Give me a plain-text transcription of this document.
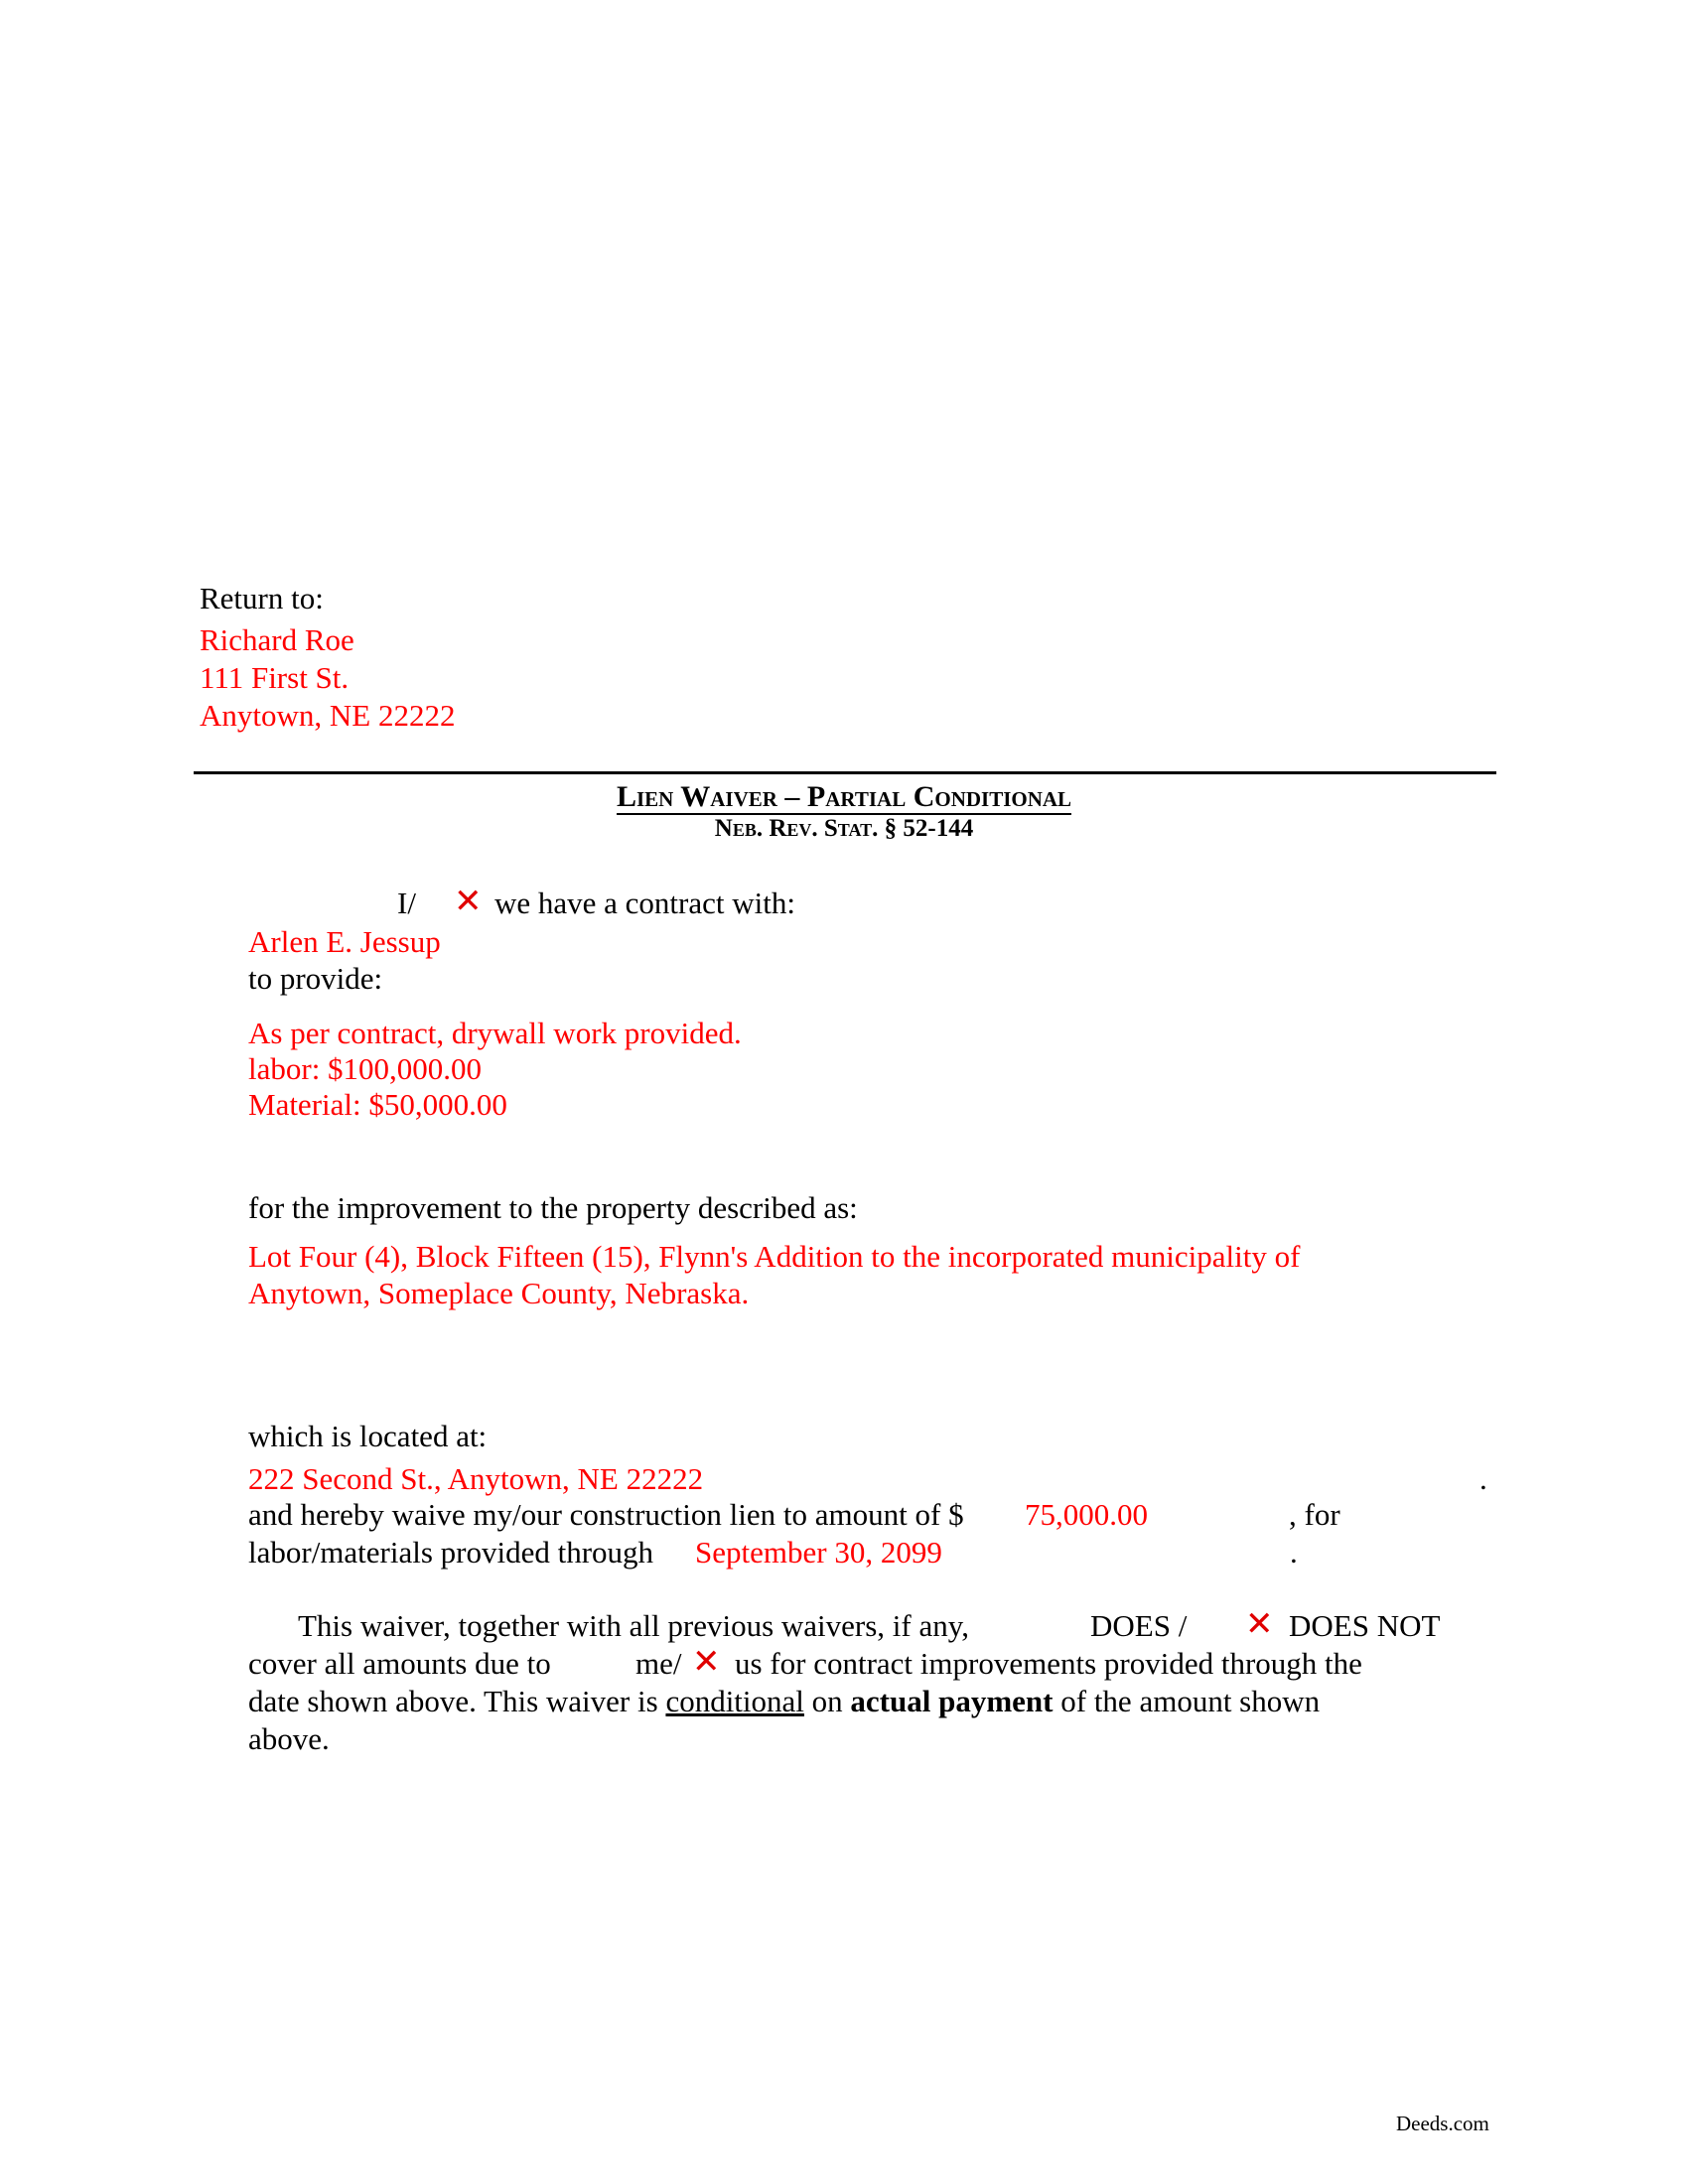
Return to:
Richard Roe
111 First St.
Anytown, NE 22222
Lien Waiver – Partial Conditional
Neb. Rev. Stat. § 52-144
I/ ✕ we have a contract with:
Arlen E. Jessup
to provide:
As per contract, drywall work provided.
labor: $100,000.00
Material: $50,000.00
for the improvement to the property described as:
Lot Four (4), Block Fifteen (15), Flynn's Addition to the incorporated municipality of
Anytown, Someplace County, Nebraska.
which is located at:
222 Second St., Anytown, NE 22222	.
and hereby waive my/our construction lien to amount of $ 75,000.00	, for
labor/materials provided through September 30, 2099	.
This waiver, together with all previous waivers, if any,	DOES / ✕ DOES NOT
cover all amounts due to	me/ ✕ us for contract improvements provided through the
date shown above. This waiver is conditional on actual payment of the amount shown
above.
Deeds.com
